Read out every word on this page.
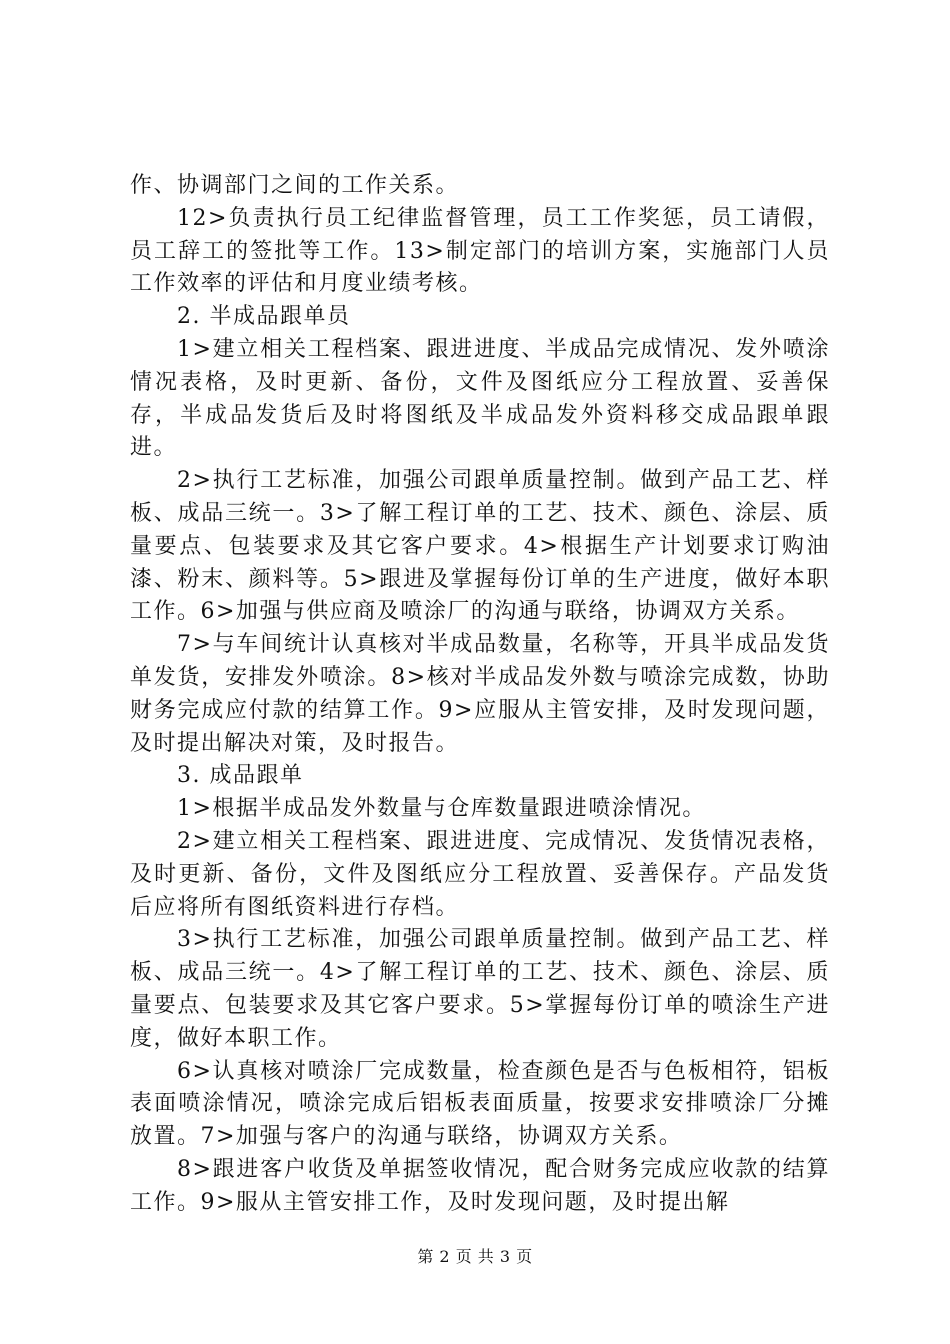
作、协调部门之间的工作关系。

12>负责执行员工纪律监督管理，员工工作奖惩，员工请假，员工辞工的签批等工作。13>制定部门的培训方案，实施部门人员工作效率的评估和月度业绩考核。

2. 半成品跟单员

1>建立相关工程档案、跟进进度、半成品完成情况、发外喷涂情况表格，及时更新、备份，文件及图纸应分工程放置、妥善保存，半成品发货后及时将图纸及半成品发外资料移交成品跟单跟进。

2>执行工艺标准，加强公司跟单质量控制。做到产品工艺、样板、成品三统一。3>了解工程订单的工艺、技术、颜色、涂层、质量要点、包装要求及其它客户要求。4>根据生产计划要求订购油漆、粉末、颜料等。5>跟进及掌握每份订单的生产进度，做好本职工作。6>加强与供应商及喷涂厂的沟通与联络，协调双方关系。

7>与车间统计认真核对半成品数量，名称等，开具半成品发货单发货，安排发外喷涂。8>核对半成品发外数与喷涂完成数，协助财务完成应付款的结算工作。9>应服从主管安排，及时发现问题，及时提出解决对策，及时报告。

3. 成品跟单

1>根据半成品发外数量与仓库数量跟进喷涂情况。

2>建立相关工程档案、跟进进度、完成情况、发货情况表格，及时更新、备份，文件及图纸应分工程放置、妥善保存。产品发货后应将所有图纸资料进行存档。

3>执行工艺标准，加强公司跟单质量控制。做到产品工艺、样板、成品三统一。4>了解工程订单的工艺、技术、颜色、涂层、质量要点、包装要求及其它客户要求。5>掌握每份订单的喷涂生产进度，做好本职工作。

6>认真核对喷涂厂完成数量，检查颜色是否与色板相符，铝板表面喷涂情况，喷涂完成后铝板表面质量，按要求安排喷涂厂分摊放置。7>加强与客户的沟通与联络，协调双方关系。

8>跟进客户收货及单据签收情况，配合财务完成应收款的结算工作。9>服从主管安排工作，及时发现问题，及时提出解

第 2 页 共 3 页
